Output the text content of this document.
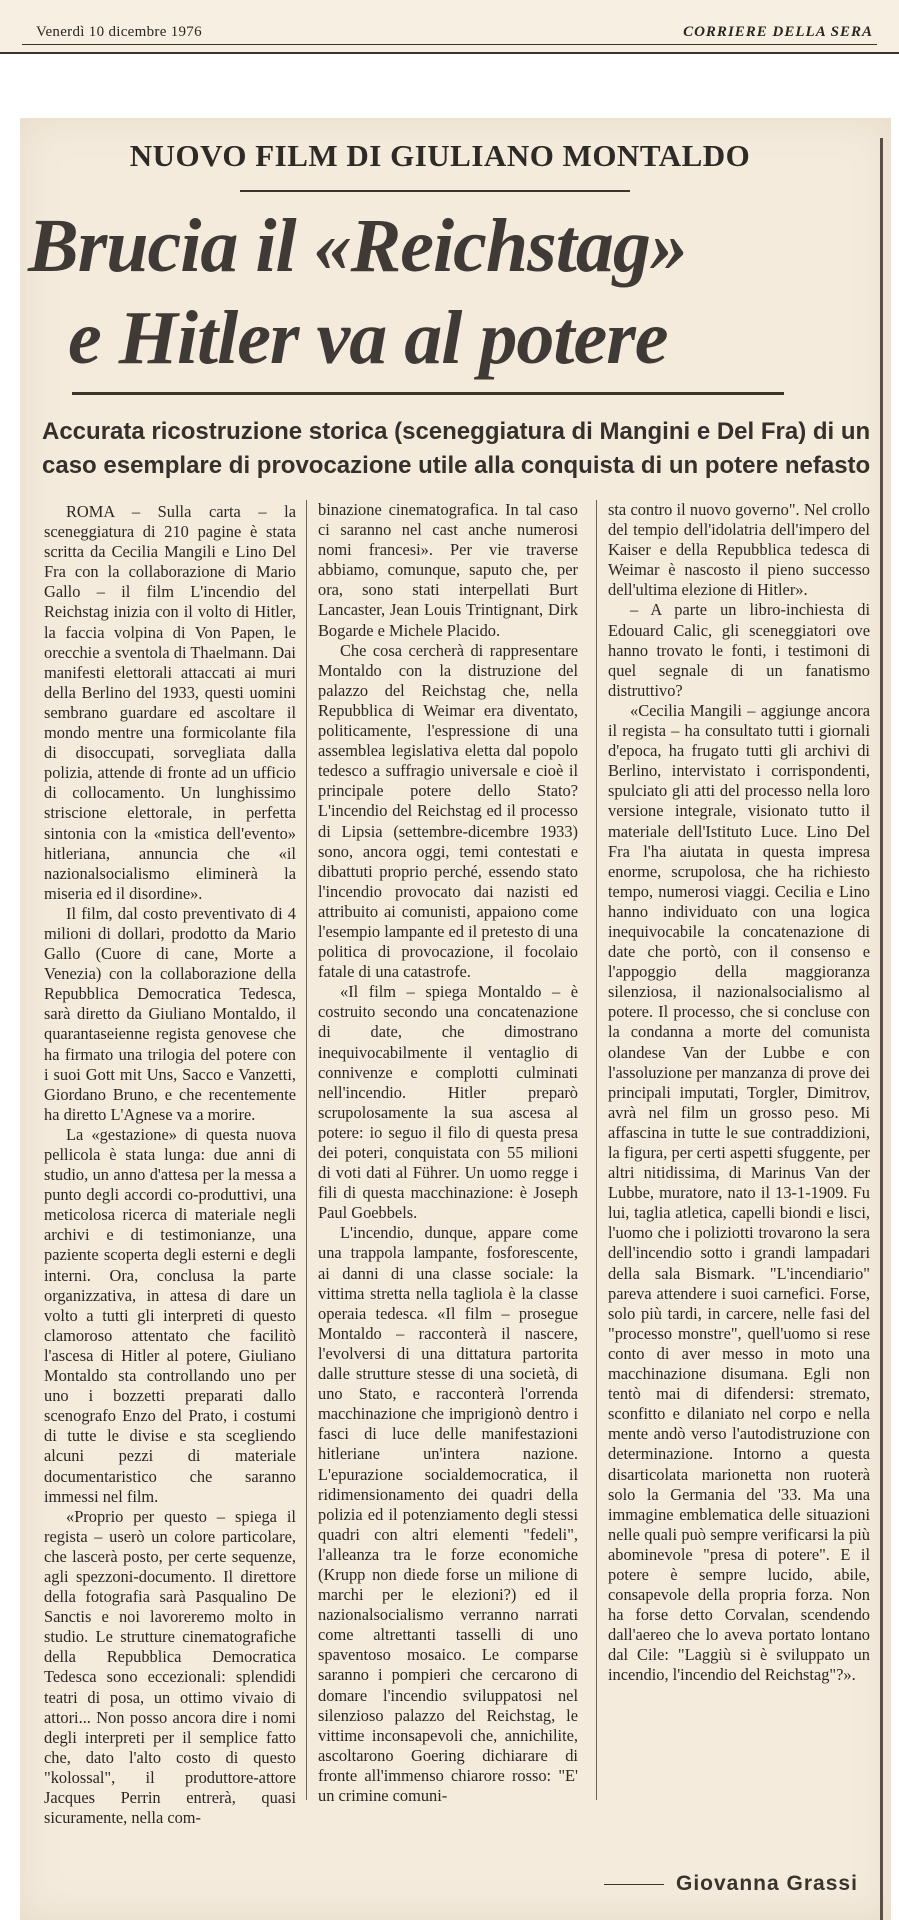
Venerdì 10 dicembre 1976	CORRIERE DELLA SERA
NUOVO FILM DI GIULIANO MONTALDO
Brucia il «Reichstag»
e Hitler va al potere
Accurata ricostruzione storica (sceneggiatura di Mangini e Del Fra) di un caso esemplare di provocazione utile alla conquista di un potere nefasto

ROMA – Sulla carta – la sceneggiatura di 210 pagine è stata scritta da Cecilia Mangili e Lino Del Fra con la collaborazione di Mario Gallo – il film L'incendio del Reichstag inizia con il volto di Hitler, la faccia volpina di Von Papen, le orecchie a sventola di Thaelmann. Dai manifesti elettorali attaccati ai muri della Berlino del 1933, questi uomini sembrano guardare ed ascoltare il mondo mentre una formicolante fila di disoccupati, sorvegliata dalla polizia, attende di fronte ad un ufficio di collocamento. Un lunghissimo striscione elettorale, in perfetta sintonia con la «mistica dell'evento» hitleriana, annuncia che «il nazionalsocialismo eliminerà la miseria ed il disordine».

Il film, dal costo preventivato di 4 milioni di dollari, prodotto da Mario Gallo (Cuore di cane, Morte a Venezia) con la collaborazione della Repubblica Democratica Tedesca, sarà diretto da Giuliano Montaldo, il quarantaseienne regista genovese che ha firmato una trilogia del potere con i suoi Gott mit Uns, Sacco e Vanzetti, Giordano Bruno, e che recentemente ha diretto L'Agnese va a morire.

La «gestazione» di questa nuova pellicola è stata lunga: due anni di studio, un anno d'attesa per la messa a punto degli accordi co-produttivi, una meticolosa ricerca di materiale negli archivi e di testimonianze, una paziente scoperta degli esterni e degli interni. Ora, conclusa la parte organizzativa, in attesa di dare un volto a tutti gli interpreti di questo clamoroso attentato che facilitò l'ascesa di Hitler al potere, Giuliano Montaldo sta controllando uno per uno i bozzetti preparati dallo scenografo Enzo del Prato, i costumi di tutte le divise e sta scegliendo alcuni pezzi di materiale documentaristico che saranno immessi nel film.

«Proprio per questo – spiega il regista – userò un colore particolare, che lascerà posto, per certe sequenze, agli spezzoni-documento. Il direttore della fotografia sarà Pasqualino De Sanctis e noi lavoreremo molto in studio. Le strutture cinematografiche della Repubblica Democratica Tedesca sono eccezionali: splendidi teatri di posa, un ottimo vivaio di attori... Non posso ancora dire i nomi degli interpreti per il semplice fatto che, dato l'alto costo di questo "kolossal", il produttore-attore Jacques Perrin entrerà, quasi sicuramente, nella com-

binazione cinematografica. In tal caso ci saranno nel cast anche numerosi nomi francesi». Per vie traverse abbiamo, comunque, saputo che, per ora, sono stati interpellati Burt Lancaster, Jean Louis Trintignant, Dirk Bogarde e Michele Placido.

Che cosa cercherà di rappresentare Montaldo con la distruzione del palazzo del Reichstag che, nella Repubblica di Weimar era diventato, politicamente, l'espressione di una assemblea legislativa eletta dal popolo tedesco a suffragio universale e cioè il principale potere dello Stato? L'incendio del Reichstag ed il processo di Lipsia (settembre-dicembre 1933) sono, ancora oggi, temi contestati e dibattuti proprio perché, essendo stato l'incendio provocato dai nazisti ed attribuito ai comunisti, appaiono come l'esempio lampante ed il pretesto di una politica di provocazione, il focolaio fatale di una catastrofe.

«Il film – spiega Montaldo – è costruito secondo una concatenazione di date, che dimostrano inequivocabilmente il ventaglio di connivenze e complotti culminati nell'incendio. Hitler preparò scrupolosamente la sua ascesa al potere: io seguo il filo di questa presa dei poteri, conquistata con 55 milioni di voti dati al Führer. Un uomo regge i fili di questa macchinazione: è Joseph Paul Goebbels.

L'incendio, dunque, appare come una trappola lampante, fosforescente, ai danni di una classe sociale: la vittima stretta nella tagliola è la classe operaia tedesca. «Il film – prosegue Montaldo – racconterà il nascere, l'evolversi di una dittatura partorita dalle strutture stesse di una società, di uno Stato, e racconterà l'orrenda macchinazione che imprigionò dentro i fasci di luce delle manifestazioni hitleriane un'intera nazione. L'epurazione socialdemocratica, il ridimensionamento dei quadri della polizia ed il potenziamento degli stessi quadri con altri elementi "fedeli", l'alleanza tra le forze economiche (Krupp non diede forse un milione di marchi per le elezioni?) ed il nazionalsocialismo verranno narrati come altrettanti tasselli di uno spaventoso mosaico. Le comparse saranno i pompieri che cercarono di domare l'incendio sviluppatosi nel silenzioso palazzo del Reichstag, le vittime inconsapevoli che, annichilite, ascoltarono Goering dichiarare di fronte all'immenso chiarore rosso: "E' un crimine comuni-

sta contro il nuovo governo". Nel crollo del tempio dell'idolatria dell'impero del Kaiser e della Repubblica tedesca di Weimar è nascosto il pieno successo dell'ultima elezione di Hitler».

– A parte un libro-inchiesta di Edouard Calic, gli sceneggiatori ove hanno trovato le fonti, i testimoni di quel segnale di un fanatismo distruttivo?

«Cecilia Mangili – aggiunge ancora il regista – ha consultato tutti i giornali d'epoca, ha frugato tutti gli archivi di Berlino, intervistato i corrispondenti, spulciato gli atti del processo nella loro versione integrale, visionato tutto il materiale dell'Istituto Luce. Lino Del Fra l'ha aiutata in questa impresa enorme, scrupolosa, che ha richiesto tempo, numerosi viaggi. Cecilia e Lino hanno individuato con una logica inequivocabile la concatenazione di date che portò, con il consenso e l'appoggio della maggioranza silenziosa, il nazionalsocialismo al potere. Il processo, che si concluse con la condanna a morte del comunista olandese Van der Lubbe e con l'assoluzione per manzanza di prove dei principali imputati, Torgler, Dimitrov, avrà nel film un grosso peso. Mi affascina in tutte le sue contraddizioni, la figura, per certi aspetti sfuggente, per altri nitidissima, di Marinus Van der Lubbe, muratore, nato il 13-1-1909. Fu lui, taglia atletica, capelli biondi e lisci, l'uomo che i poliziotti trovarono la sera dell'incendio sotto i grandi lampadari della sala Bismark. "L'incendiario" pareva attendere i suoi carnefici. Forse, solo più tardi, in carcere, nelle fasi del "processo monstre", quell'uomo si rese conto di aver messo in moto una macchinazione disumana. Egli non tentò mai di difendersi: stremato, sconfitto e dilaniato nel corpo e nella mente andò verso l'autodistruzione con determinazione. Intorno a questa disarticolata marionetta non ruoterà solo la Germania del '33. Ma una immagine emblematica delle situazioni nelle quali può sempre verificarsi la più abominevole "presa di potere". E il potere è sempre lucido, abile, consapevole della propria forza. Non ha forse detto Corvalan, scendendo dall'aereo che lo aveva portato lontano dal Cile: "Laggiù si è sviluppato un incendio, l'incendio del Reichstag"?».

Giovanna Grassi
